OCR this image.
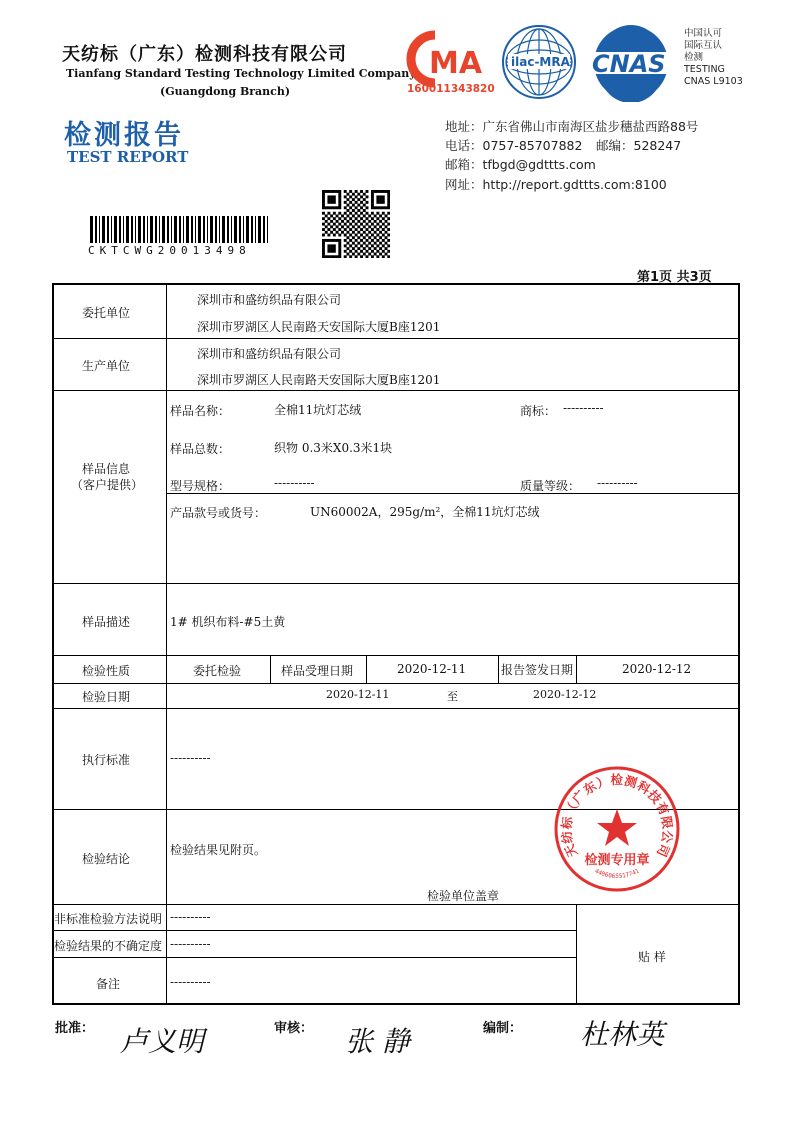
天纺标（广东）检测科技有限公司
Tianfang Standard Testing Technology Limited Company
(Guangdong Branch)
MA
160011343820
ilac-MRA CNAS
中国认可
国际互认
检测
TESTING
CNAS L9103
检测报告
TEST REPORT
地址：广东省佛山市南海区盐步穗盐西路88号
电话：0757-85707882 邮编：528247
邮箱：tfbgd@gdttts.com
网址：http://report.gdttts.com:8100
CKTCWG20013498
第1页 共3页
委托单位
深圳市和盛纺织品有限公司
深圳市罗湖区人民南路天安国际大厦B座1201
生产单位
深圳市和盛纺织品有限公司
深圳市罗湖区人民南路天安国际大厦B座1201
样品信息
（客户提供）
样品名称：	全棉11坑灯芯绒	商标： ----------
样品总数：	织物 0.3米X0.3米1块
型号规格：	----------	质量等级： ----------
产品款号或货号：	UN60002A，295g/m²，全棉11坑灯芯绒
样品描述	1# 机织布料-#5土黄
检验性质	委托检验	样品受理日期	2020-12-11	报告签发日期	2020-12-12
检验日期	2020-12-11	至	2020-12-12
执行标准	----------
检验结论
检验结果见附页。
检验单位盖章
非标准检验方法说明 ----------
检验结果的不确定度 ----------
备注	----------
贴 样
天纺标（广东）检测科技有限公司
检测专用章
4406065517741
批准： 卢义明	审核： 张 静	编制： 杜林英
